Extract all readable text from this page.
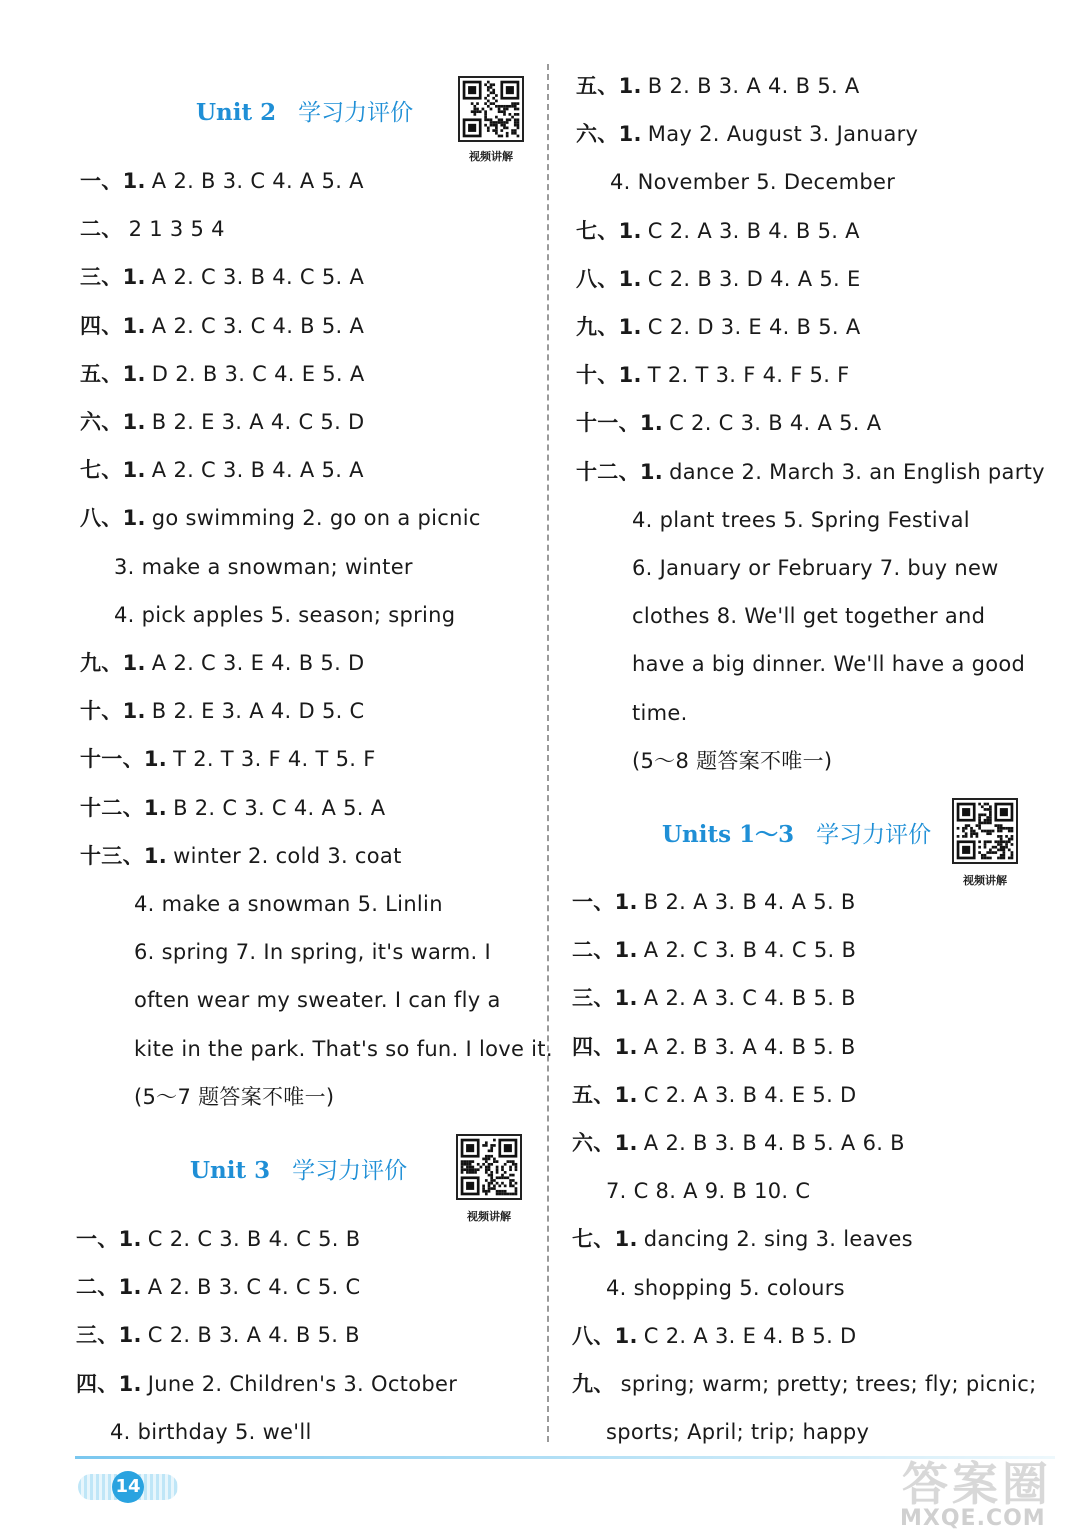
Unit 2 学习力评价
视频讲解
一、1. A 2. B 3. C 4. A 5. A
二、 2 1 3 5 4
三、1. A 2. C 3. B 4. C 5. A
四、1. A 2. C 3. C 4. B 5. A
五、1. D 2. B 3. C 4. E 5. A
六、1. B 2. E 3. A 4. C 5. D
七、1. A 2. C 3. B 4. A 5. A
八、1. go swimming 2. go on a picnic
3. make a snowman; winter
4. pick apples 5. season; spring
九、1. A 2. C 3. E 4. B 5. D
十、1. B 2. E 3. A 4. D 5. C
十一、1. T 2. T 3. F 4. T 5. F
十二、1. B 2. C 3. C 4. A 5. A
十三、1. winter 2. cold 3. coat
4. make a snowman 5. Linlin
6. spring 7. In spring, it's warm. I
often wear my sweater. I can fly a
kite in the park. That's so fun. I love it.
(5～7 题答案不唯一)
Unit 3 学习力评价
视频讲解
一、1. C 2. C 3. B 4. C 5. B
二、1. A 2. B 3. C 4. C 5. C
三、1. C 2. B 3. A 4. B 5. B
四、1. June 2. Children's 3. October
4. birthday 5. we'll
五、1. B 2. B 3. A 4. B 5. A
六、1. May 2. August 3. January
4. November 5. December
七、1. C 2. A 3. B 4. B 5. A
八、1. C 2. B 3. D 4. A 5. E
九、1. C 2. D 3. E 4. B 5. A
十、1. T 2. T 3. F 4. F 5. F
十一、1. C 2. C 3. B 4. A 5. A
十二、1. dance 2. March 3. an English party
4. plant trees 5. Spring Festival
6. January or February 7. buy new
clothes 8. We'll get together and
have a big dinner. We'll have a good
time.
(5～8 题答案不唯一)
Units 1～3 学习力评价
视频讲解
一、1. B 2. A 3. B 4. A 5. B
二、1. A 2. C 3. B 4. C 5. B
三、1. A 2. A 3. C 4. B 5. B
四、1. A 2. B 3. A 4. B 5. B
五、1. C 2. A 3. B 4. E 5. D
六、1. A 2. B 3. B 4. B 5. A 6. B
7. C 8. A 9. B 10. C
七、1. dancing 2. sing 3. leaves
4. shopping 5. colours
八、1. C 2. A 3. E 4. B 5. D
九、 spring; warm; pretty; trees; fly; picnic;
sports; April; trip; happy
14	答案圈
MXQE.COM
